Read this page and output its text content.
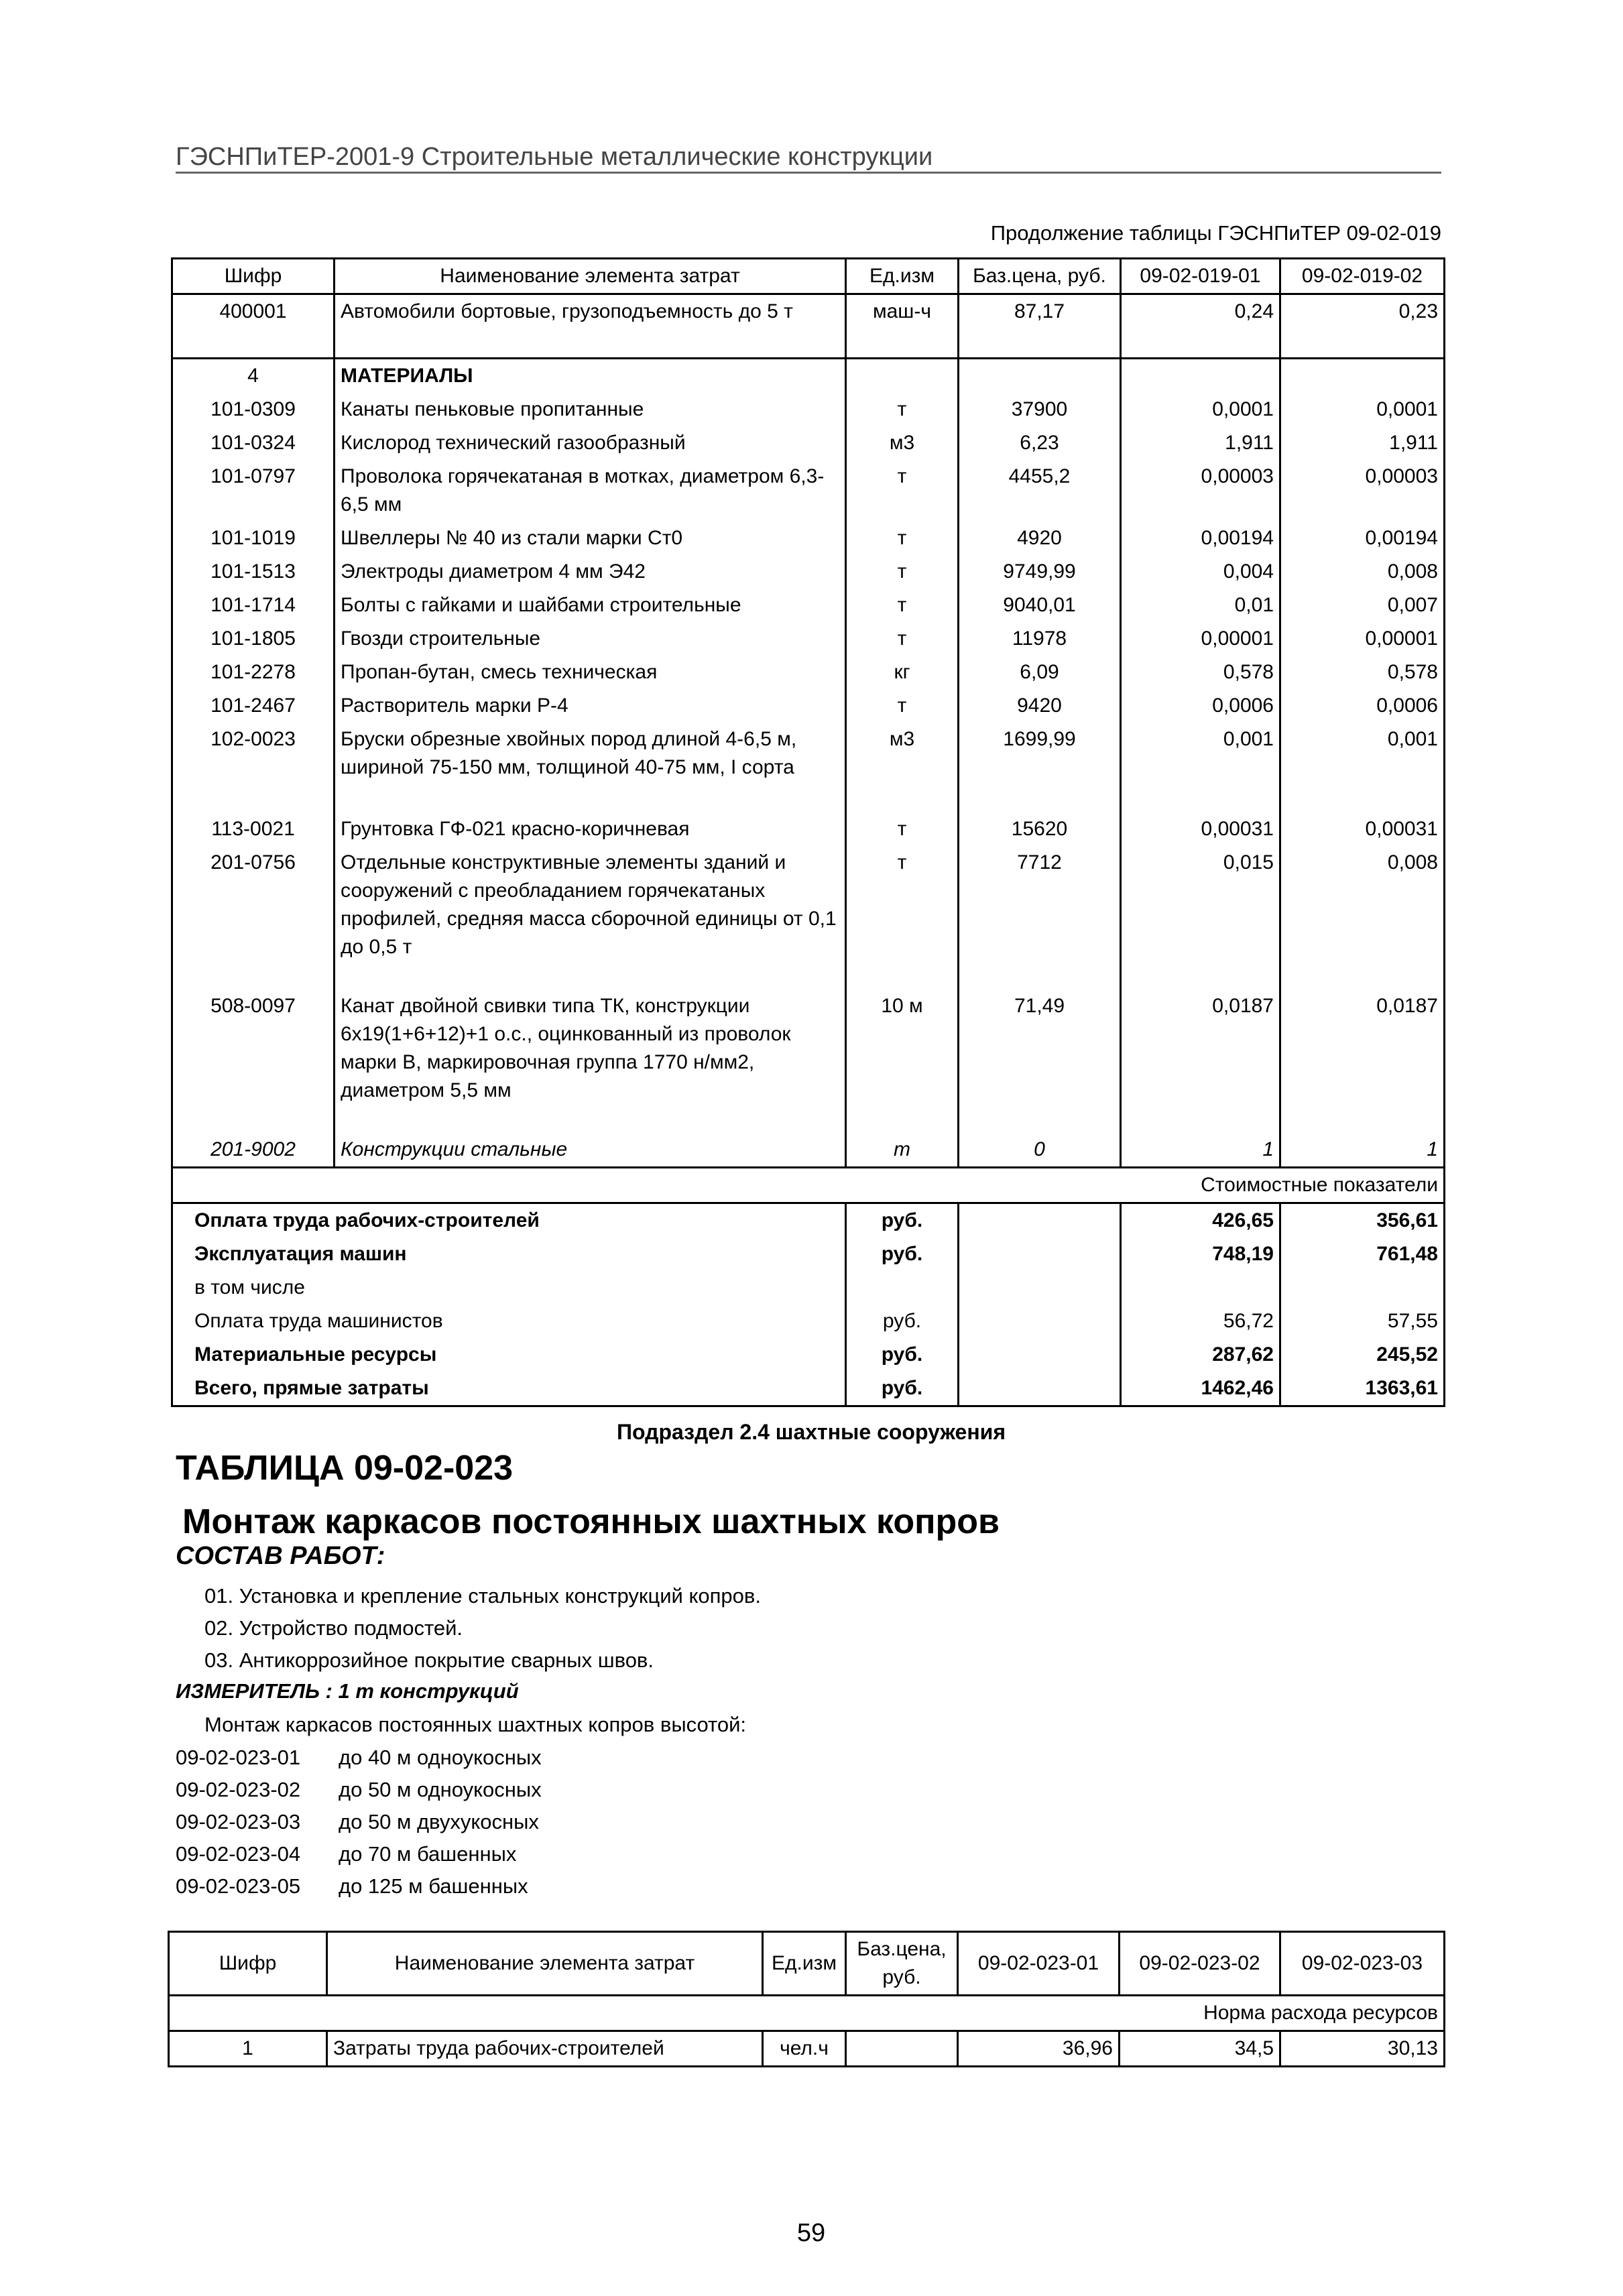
ГЭСНПиТЕР-2001-9 Строительные металлические конструкции
Продолжение таблицы ГЭСНПиТЕР 09-02-019
Шифр	Наименование элемента затрат	Ед.изм	Баз.цена, руб.	09-02-019-01	09-02-019-02
400001	Автомобили бортовые, грузоподъемность до 5 т	маш-ч	87,17	0,24	0,23
4	МАТЕРИАЛЫ				
101-0309	Канаты пеньковые пропитанные	т	37900	0,0001	0,0001
101-0324	Кислород технический газообразный	м3	6,23	1,911	1,911
101-0797	Проволока горячекатаная в мотках, диаметром 6,3-6,5 мм	т	4455,2	0,00003	0,00003
101-1019	Швеллеры № 40 из стали марки Ст0	т	4920	0,00194	0,00194
101-1513	Электроды диаметром 4 мм Э42	т	9749,99	0,004	0,008
101-1714	Болты с гайками и шайбами строительные	т	9040,01	0,01	0,007
101-1805	Гвозди строительные	т	11978	0,00001	0,00001
101-2278	Пропан-бутан, смесь техническая	кг	6,09	0,578	0,578
101-2467	Растворитель марки Р-4	т	9420	0,0006	0,0006
102-0023	Бруски обрезные хвойных пород длиной 4-6,5 м, шириной 75-150 мм, толщиной 40-75 мм, I сорта	м3	1699,99	0,001	0,001
113-0021	Грунтовка ГФ-021 красно-коричневая	т	15620	0,00031	0,00031
201-0756	Отдельные конструктивные элементы зданий и сооружений с преобладанием горячекатаных профилей, средняя масса сборочной единицы от 0,1 до 0,5 т	т	7712	0,015	0,008
508-0097	Канат двойной свивки типа ТК, конструкции 6х19(1+6+12)+1 о.с., оцинкованный из проволок марки В, маркировочная группа 1770 н/мм2, диаметром 5,5 мм	10 м	71,49	0,0187	0,0187
201-9002	Конструкции стальные	т	0	1	1
Стоимостные показатели					
Оплата труда рабочих-строителей		руб.		426,65	356,61
Эксплуатация машин		руб.		748,19	761,48
в том числе					
Оплата труда машинистов		руб.		56,72	57,55
Материальные ресурсы		руб.		287,62	245,52
Всего, прямые затраты		руб.		1462,46	1363,61
Подраздел 2.4 шахтные сооружения
ТАБЛИЦА 09-02-023
Монтаж каркасов постоянных шахтных копров
СОСТАВ РАБОТ:
01. Установка и крепление стальных конструкций копров.
02. Устройство подмостей.
03. Антикоррозийное покрытие сварных швов.
ИЗМЕРИТЕЛЬ : 1 т конструкций
Монтаж каркасов постоянных шахтных копров высотой:
09-02-023-01 до 40 м одноукосных
09-02-023-02 до 50 м одноукосных
09-02-023-03 до 50 м двухукосных
09-02-023-04 до 70 м башенных
09-02-023-05 до 125 м башенных
Шифр	Наименование элемента затрат	Ед.изм	Баз.цена, руб.	09-02-023-01	09-02-023-02	09-02-023-03
Норма расхода ресурсов						
1	Затраты труда рабочих-строителей	чел.ч		36,96	34,5	30,13
59
